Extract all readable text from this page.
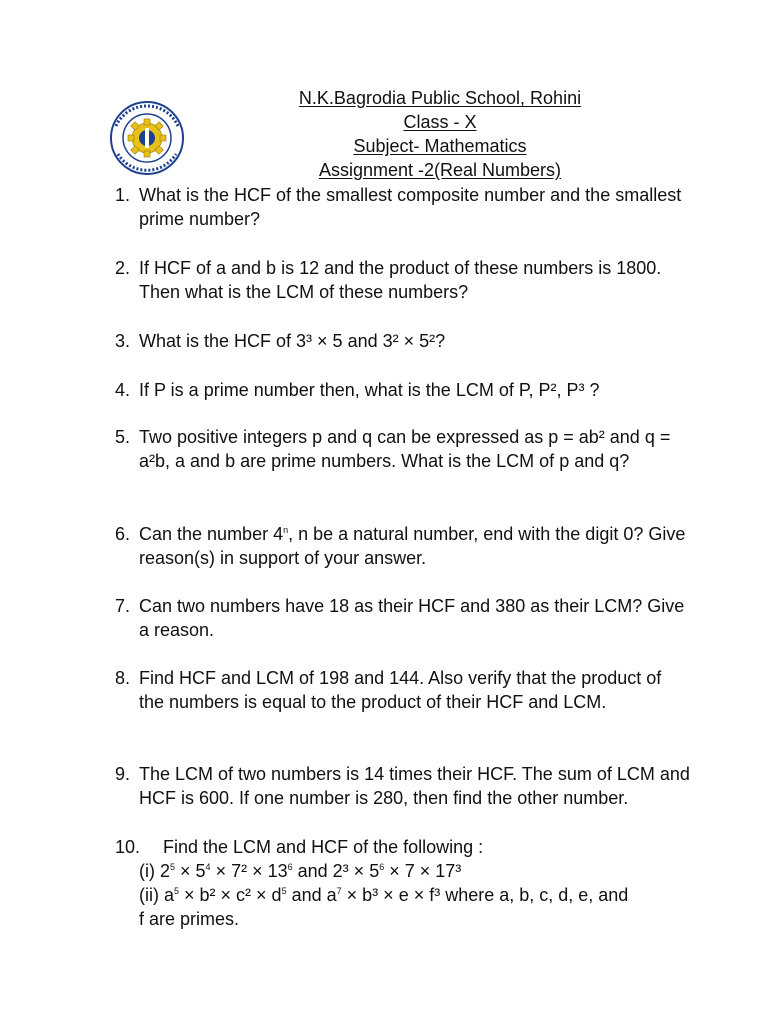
N.K.Bagrodia Public School, Rohini
Class - X
Subject- Mathematics
Assignment -2(Real Numbers)
1. What is the HCF of the smallest composite number and the smallest prime number?
2. If HCF of a and b is 12 and the product of these numbers is 1800. Then what is the LCM of these numbers?
3. What is the HCF of 3³ × 5 and 3² × 5²?
4. If P is a prime number then, what is the LCM of P, P², P³ ?
5. Two positive integers p and q can be expressed as p = ab² and q = a²b, a and b are prime numbers. What is the LCM of p and q?
6. Can the number 4$^n$, n be a natural number, end with the digit 0? Give reason(s) in support of your answer.
7. Can two numbers have 18 as their HCF and 380 as their LCM? Give a reason.
8. Find HCF and LCM of 198 and 144. Also verify that the product of the numbers is equal to the product of their HCF and LCM.
9. The LCM of two numbers is 14 times their HCF. The sum of LCM and HCF is 600. If one number is 280, then find the other number.
10. Find the LCM and HCF of the following :
(i) $2^5 \times 5^4 \times 7^2 \times 13^6$ and $2^3 \times 5^6 \times 7 \times 17^3$
(ii) $a^5 \times b^2 \times c^2 \times d^5$ and $a^7 \times b^3 \times e \times f^3$ where a, b, c, d, e, and
f are primes.
